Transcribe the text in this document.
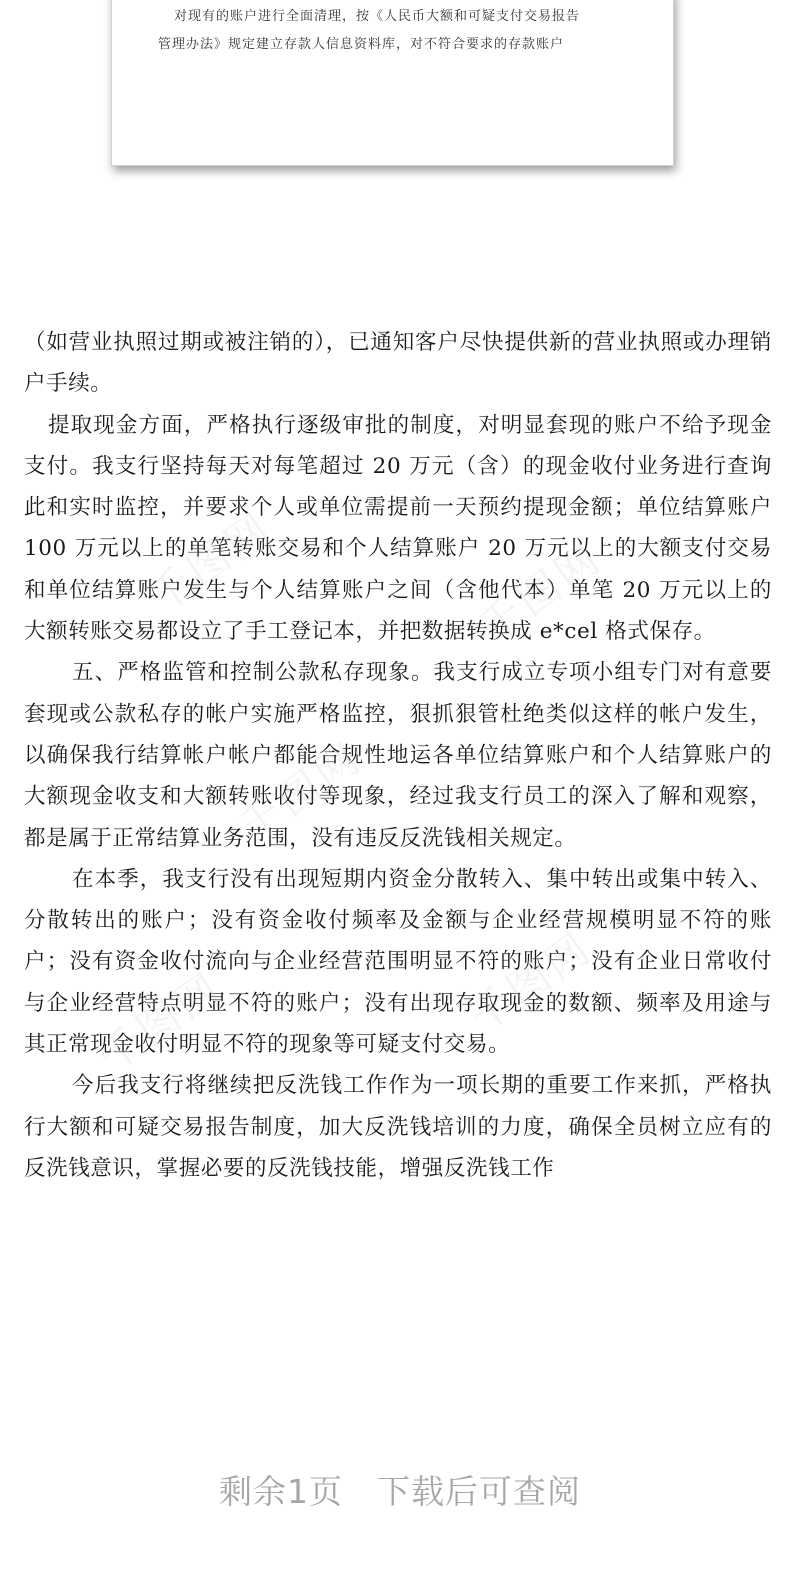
对现有的账户进行全面清理，按《人民币大额和可疑支付交易报告
管理办法》规定建立存款人信息资料库，对不符合要求的存款账户

（如营业执照过期或被注销的），已通知客户尽快提供新的营业执照或办理销户手续。

提取现金方面，严格执行逐级审批的制度，对明显套现的账户不给予现金支付。我支行坚持每天对每笔超过 20 万元（含）的现金收付业务进行查询此和实时监控，并要求个人或单位需提前一天预约提现金额；单位结算账户 100 万元以上的单笔转账交易和个人结算账户 20 万元以上的大额支付交易和单位结算账户发生与个人结算账户之间（含他代本）单笔 20 万元以上的大额转账交易都设立了手工登记本，并把数据转换成 e*cel 格式保存。

五、严格监管和控制公款私存现象。我支行成立专项小组专门对有意要套现或公款私存的帐户实施严格监控，狠抓狠管杜绝类似这样的帐户发生，以确保我行结算帐户帐户都能合规性地运各单位结算账户和个人结算账户的大额现金收支和大额转账收付等现象，经过我支行员工的深入了解和观察，都是属于正常结算业务范围，没有违反反洗钱相关规定。

在本季，我支行没有出现短期内资金分散转入、集中转出或集中转入、分散转出的账户；没有资金收付频率及金额与企业经营规模明显不符的账户；没有资金收付流向与企业经营范围明显不符的账户；没有企业日常收付与企业经营特点明显不符的账户；没有出现存取现金的数额、频率及用途与其正常现金收付明显不符的现象等可疑支付交易。

今后我支行将继续把反洗钱工作作为一项长期的重要工作来抓，严格执行大额和可疑交易报告制度，加大反洗钱培训的力度，确保全员树立应有的反洗钱意识，掌握必要的反洗钱技能，增强反洗钱工作

千图网	千图网
千图网
千图网	千图网
剩余1页 下载后可查阅
